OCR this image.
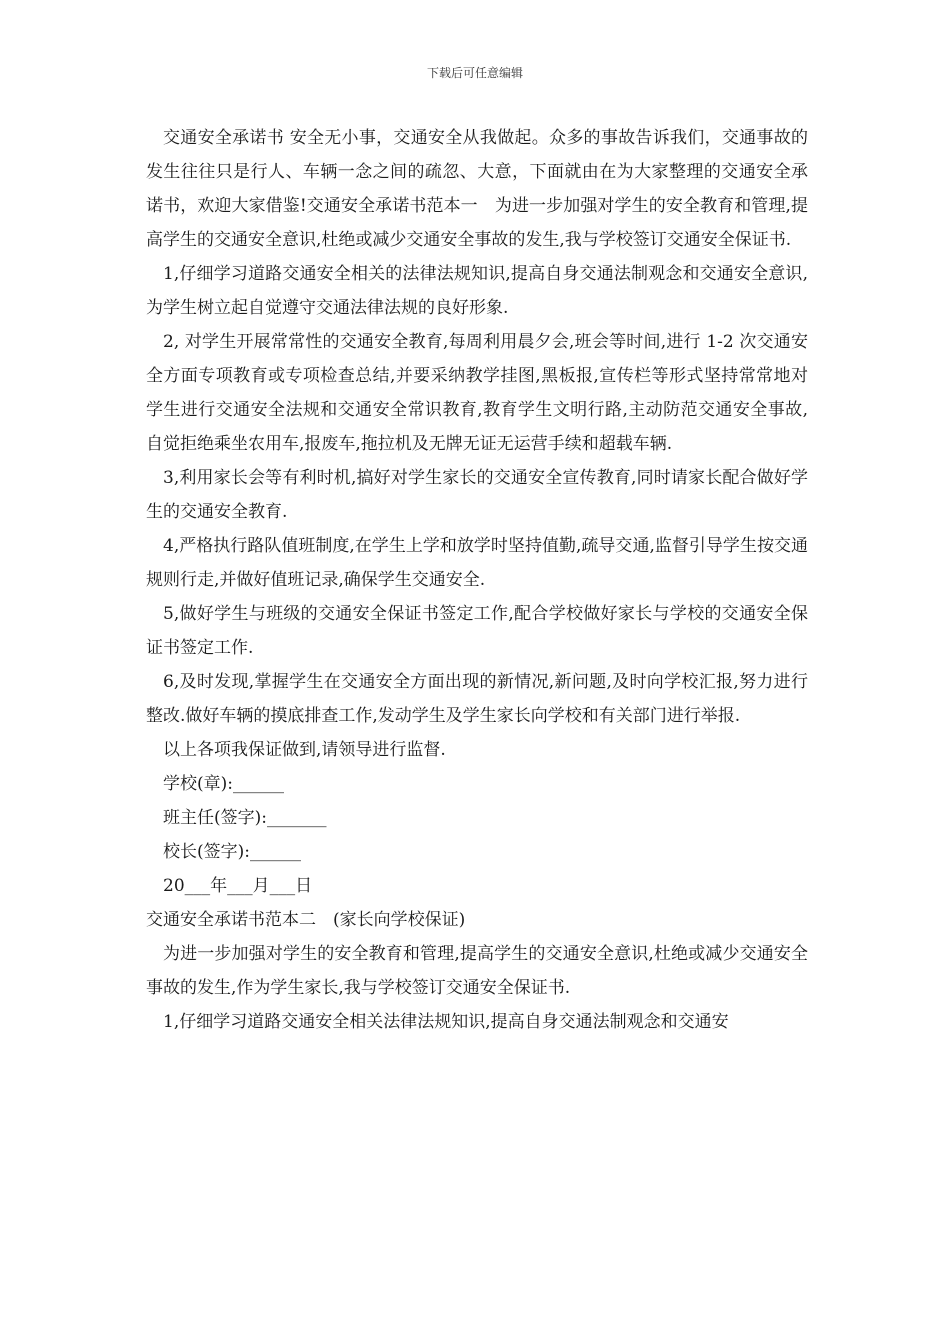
下载后可任意编辑

交通安全承诺书 安全无小事，交通安全从我做起。众多的事故告诉我们，交通事故的发生往往只是行人、车辆一念之间的疏忽、大意，下面就由在为大家整理的交通安全承诺书，欢迎大家借鉴!交通安全承诺书范本一　为进一步加强对学生的安全教育和管理,提高学生的交通安全意识,杜绝或减少交通安全事故的发生,我与学校签订交通安全保证书.

1,仔细学习道路交通安全相关的法律法规知识,提高自身交通法制观念和交通安全意识,为学生树立起自觉遵守交通法律法规的良好形象.

2, 对学生开展常常性的交通安全教育,每周利用晨夕会,班会等时间,进行 1-2 次交通安全方面专项教育或专项检查总结,并要采纳教学挂图,黑板报,宣传栏等形式坚持常常地对学生进行交通安全法规和交通安全常识教育,教育学生文明行路,主动防范交通安全事故,自觉拒绝乘坐农用车,报废车,拖拉机及无牌无证无运营手续和超载车辆.

3,利用家长会等有利时机,搞好对学生家长的交通安全宣传教育,同时请家长配合做好学生的交通安全教育.

4,严格执行路队值班制度,在学生上学和放学时坚持值勤,疏导交通,监督引导学生按交通规则行走,并做好值班记录,确保学生交通安全.

5,做好学生与班级的交通安全保证书签定工作,配合学校做好家长与学校的交通安全保证书签定工作.

6,及时发现,掌握学生在交通安全方面出现的新情况,新问题,及时向学校汇报,努力进行整改.做好车辆的摸底排查工作,发动学生及学生家长向学校和有关部门进行举报.

以上各项我保证做到,请领导进行监督.

学校(章):______

班主任(签字):_______

校长(签字):______

20___年___月___日

交通安全承诺书范本二　(家长向学校保证)

为进一步加强对学生的安全教育和管理,提高学生的交通安全意识,杜绝或减少交通安全事故的发生,作为学生家长,我与学校签订交通安全保证书.

1,仔细学习道路交通安全相关法律法规知识,提高自身交通法制观念和交通安
